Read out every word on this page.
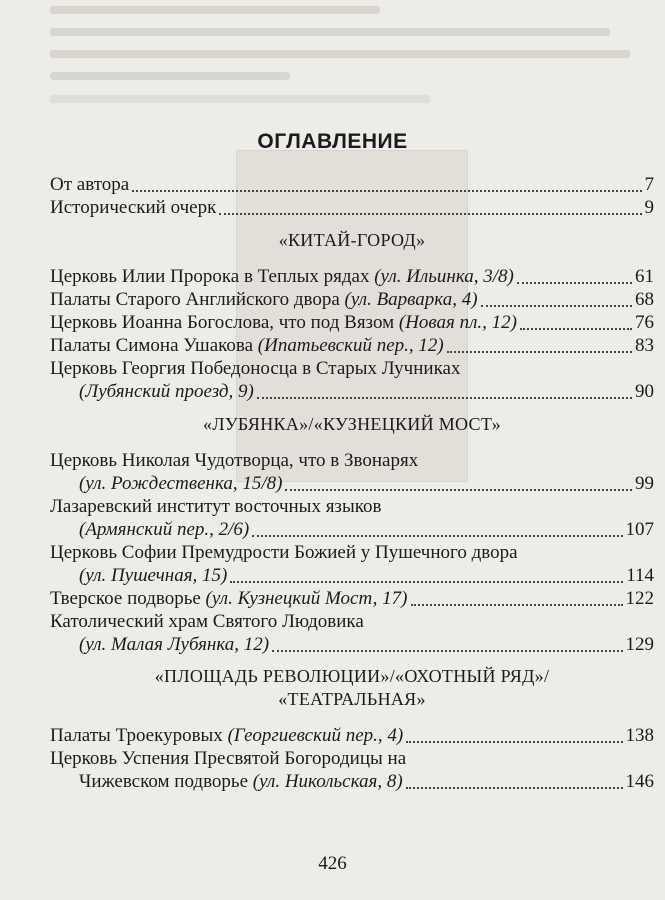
ОГЛАВЛЕНИЕ
От автора	7
Исторический очерк	9
«КИТАЙ-ГОРОД»
Церковь Илии Пророка в Теплых рядах (ул. Ильинка, 3/8)	61
Палаты Старого Английского двора (ул. Варварка, 4)	68
Церковь Иоанна Богослова, что под Вязом (Новая пл., 12)	76
Палаты Симона Ушакова (Ипатьевский пер., 12)	83
Церковь Георгия Победоносца в Старых Лучниках
(Лубянский проезд, 9)	90
«ЛУБЯНКА»/«КУЗНЕЦКИЙ МОСТ»
Церковь Николая Чудотворца, что в Звонарях
(ул. Рождественка, 15/8)	99
Лазаревский институт восточных языков
(Армянский пер., 2/6)	107
Церковь Софии Премудрости Божией у Пушечного двора
(ул. Пушечная, 15)	114
Тверское подворье (ул. Кузнецкий Мост, 17)	122
Католический храм Святого Людовика
(ул. Малая Лубянка, 12)	129
«ПЛОЩАДЬ РЕВОЛЮЦИИ»/«ОХОТНЫЙ РЯД»/
«ТЕАТРАЛЬНАЯ»
Палаты Троекуровых (Георгиевский пер., 4)	138
Церковь Успения Пресвятой Богородицы на
Чижевском подворье (ул. Никольская, 8)	146
426
